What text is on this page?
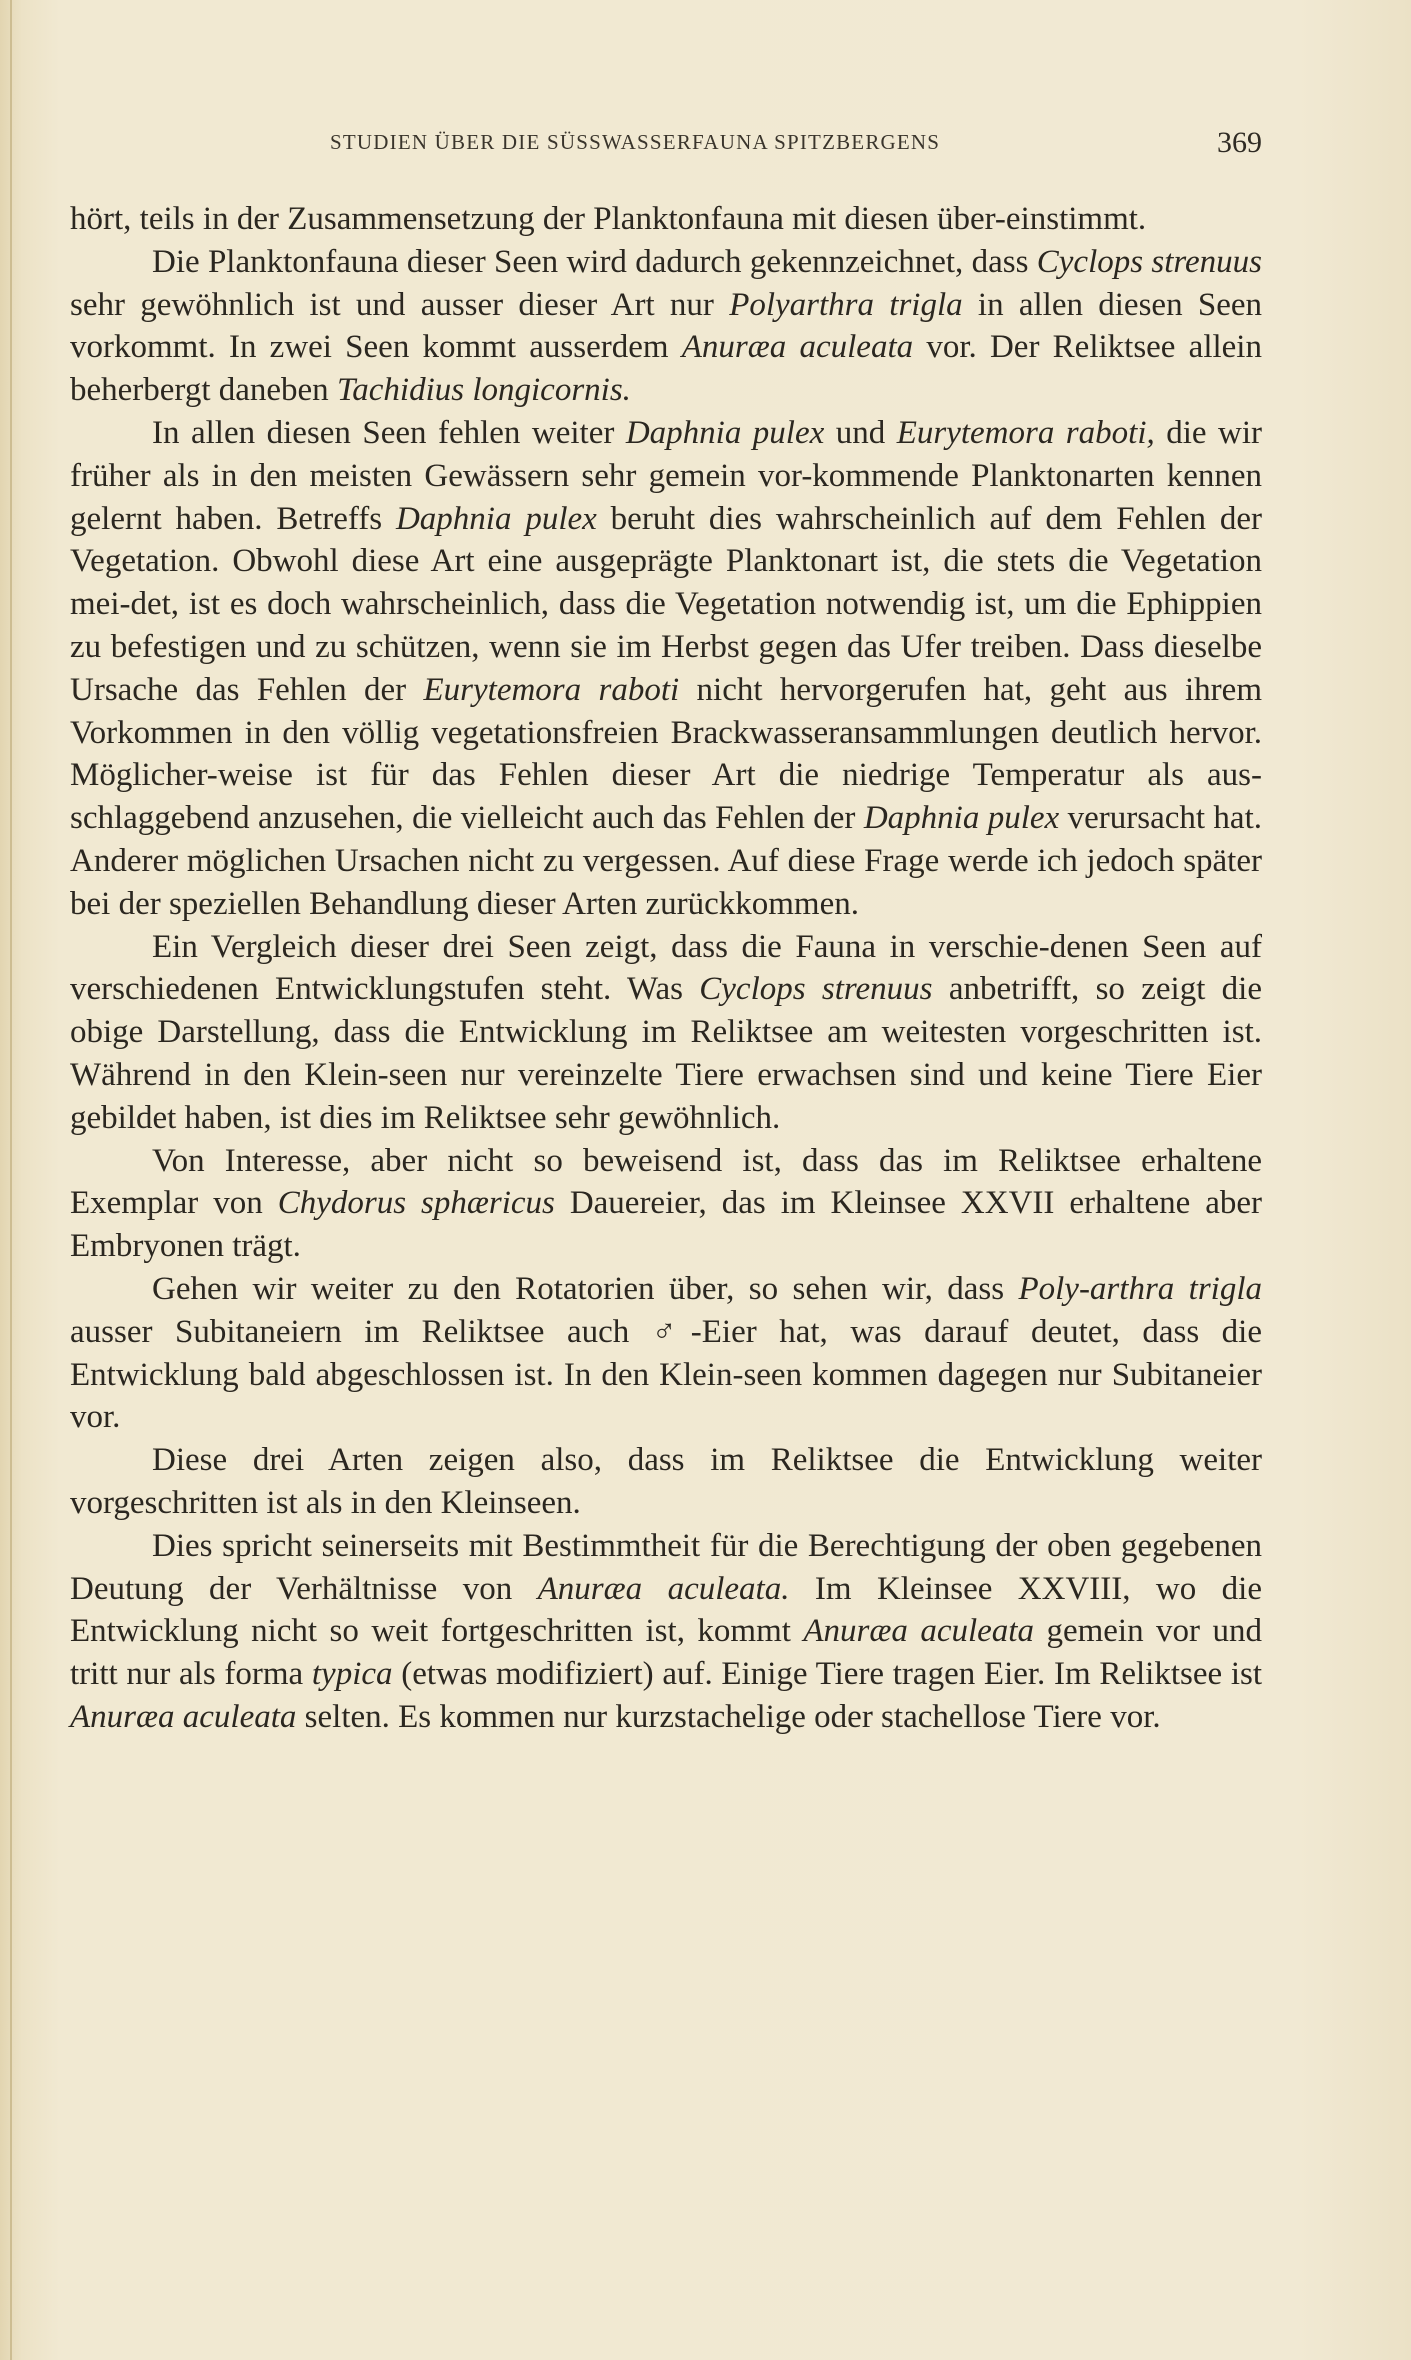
STUDIEN ÜBER DIE SÜSSWASSERFAUNA SPITZBERGENS	369

hört, teils in der Zusammensetzung der Planktonfauna mit diesen über-einstimmt.

Die Planktonfauna dieser Seen wird dadurch gekennzeichnet, dass Cyclops strenuus sehr gewöhnlich ist und ausser dieser Art nur Polyarthra trigla in allen diesen Seen vorkommt. In zwei Seen kommt ausserdem Anuræa aculeata vor. Der Reliktsee allein beherbergt daneben Tachidius longicornis.

In allen diesen Seen fehlen weiter Daphnia pulex und Eurytemora raboti, die wir früher als in den meisten Gewässern sehr gemein vor-kommende Planktonarten kennen gelernt haben. Betreffs Daphnia pulex beruht dies wahrscheinlich auf dem Fehlen der Vegetation. Obwohl diese Art eine ausgeprägte Planktonart ist, die stets die Vegetation mei-det, ist es doch wahrscheinlich, dass die Vegetation notwendig ist, um die Ephippien zu befestigen und zu schützen, wenn sie im Herbst gegen das Ufer treiben. Dass dieselbe Ursache das Fehlen der Eurytemora raboti nicht hervorgerufen hat, geht aus ihrem Vorkommen in den völlig vegetationsfreien Brackwasseransammlungen deutlich hervor. Möglicher-weise ist für das Fehlen dieser Art die niedrige Temperatur als aus-schlaggebend anzusehen, die vielleicht auch das Fehlen der Daphnia pulex verursacht hat. Anderer möglichen Ursachen nicht zu vergessen. Auf diese Frage werde ich jedoch später bei der speziellen Behandlung dieser Arten zurückkommen.

Ein Vergleich dieser drei Seen zeigt, dass die Fauna in verschie-denen Seen auf verschiedenen Entwicklungstufen steht. Was Cyclops strenuus anbetrifft, so zeigt die obige Darstellung, dass die Entwicklung im Reliktsee am weitesten vorgeschritten ist. Während in den Klein-seen nur vereinzelte Tiere erwachsen sind und keine Tiere Eier gebildet haben, ist dies im Reliktsee sehr gewöhnlich.

Von Interesse, aber nicht so beweisend ist, dass das im Reliktsee erhaltene Exemplar von Chydorus sphæricus Dauereier, das im Kleinsee XXVII erhaltene aber Embryonen trägt.

Gehen wir weiter zu den Rotatorien über, so sehen wir, dass Poly-arthra trigla ausser Subitaneiern im Reliktsee auch ♂-Eier hat, was darauf deutet, dass die Entwicklung bald abgeschlossen ist. In den Klein-seen kommen dagegen nur Subitaneier vor.

Diese drei Arten zeigen also, dass im Reliktsee die Entwicklung weiter vorgeschritten ist als in den Kleinseen.

Dies spricht seinerseits mit Bestimmtheit für die Berechtigung der oben gegebenen Deutung der Verhältnisse von Anuræa aculeata. Im Kleinsee XXVIII, wo die Entwicklung nicht so weit fortgeschritten ist, kommt Anuræa aculeata gemein vor und tritt nur als forma typica (etwas modifiziert) auf. Einige Tiere tragen Eier. Im Reliktsee ist Anuræa aculeata selten. Es kommen nur kurzstachelige oder stachellose Tiere vor.
